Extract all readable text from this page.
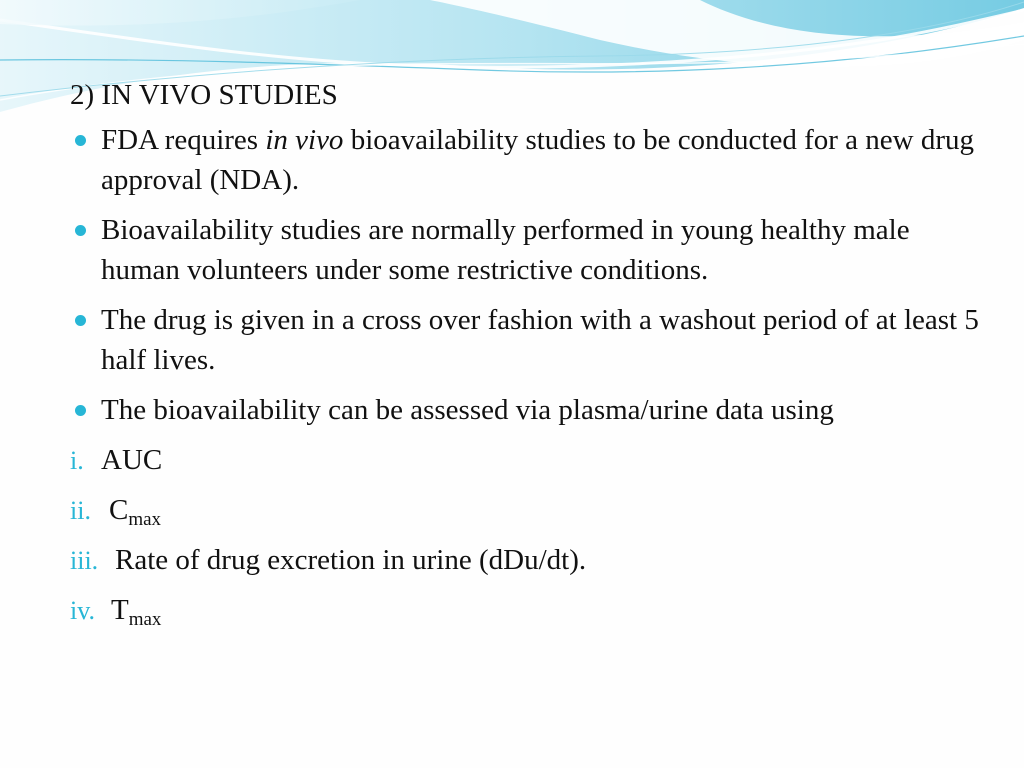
2) IN VIVO STUDIES
FDA requires in vivo bioavailability studies to be conducted for a new drug approval (NDA).
Bioavailability studies are normally performed in young healthy male human volunteers under some restrictive conditions.
The drug is given in a cross over fashion with a washout period of at least 5 half lives.
The bioavailability can be assessed via plasma/urine data using
i. AUC
ii. $C_{max}$
iii. Rate of drug excretion in urine (dDu/dt).
iv. $T_{max}$
